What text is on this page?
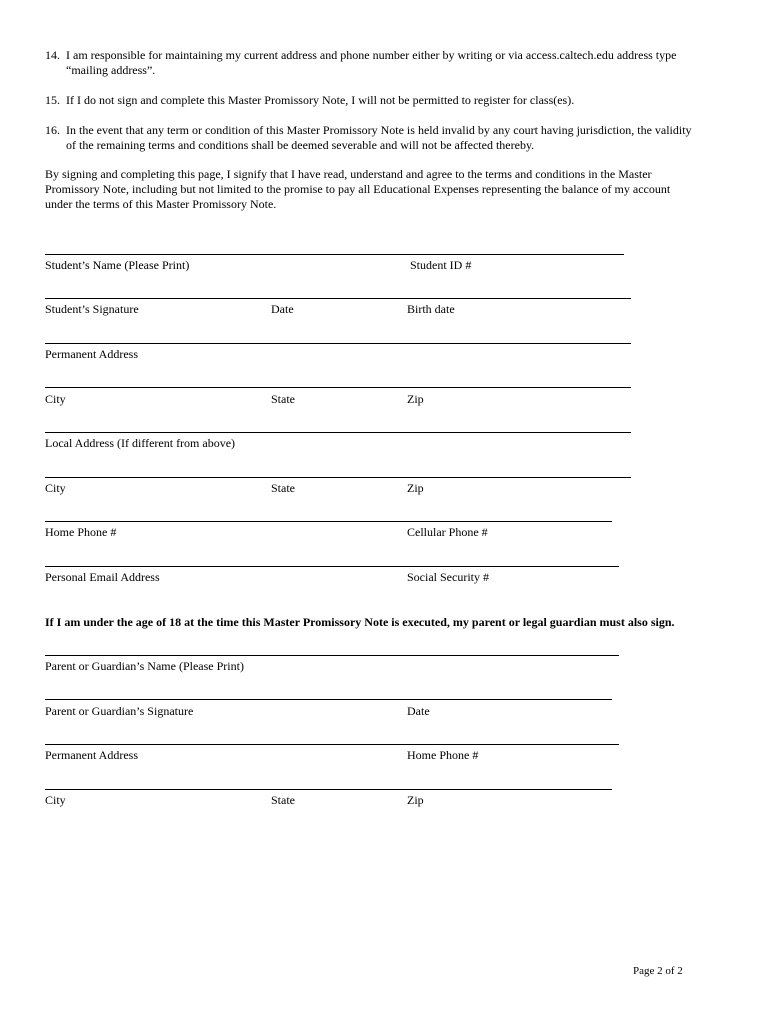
14. I am responsible for maintaining my current address and phone number either by writing or via access.caltech.edu address type
“mailing address”.
15. If I do not sign and complete this Master Promissory Note, I will not be permitted to register for class(es).
16. In the event that any term or condition of this Master Promissory Note is held invalid by any court having jurisdiction, the validity
of the remaining terms and conditions shall be deemed severable and will not be affected thereby.
By signing and completing this page, I signify that I have read, understand and agree to the terms and conditions in the Master
Promissory Note, including but not limited to the promise to pay all Educational Expenses representing the balance of my account
under the terms of this Master Promissory Note.
Student’s Name (Please Print)	Student ID #
Student’s Signature	Date	Birth date
Permanent Address
City	State	Zip
Local Address (If different from above)
City	State	Zip
Home Phone #	Cellular Phone #
Personal Email Address	Social Security #
If I am under the age of 18 at the time this Master Promissory Note is executed, my parent or legal guardian must also sign.
Parent or Guardian’s Name (Please Print)
Parent or Guardian’s Signature	Date
Permanent Address	Home Phone #
City	State	Zip
Page 2 of 2
